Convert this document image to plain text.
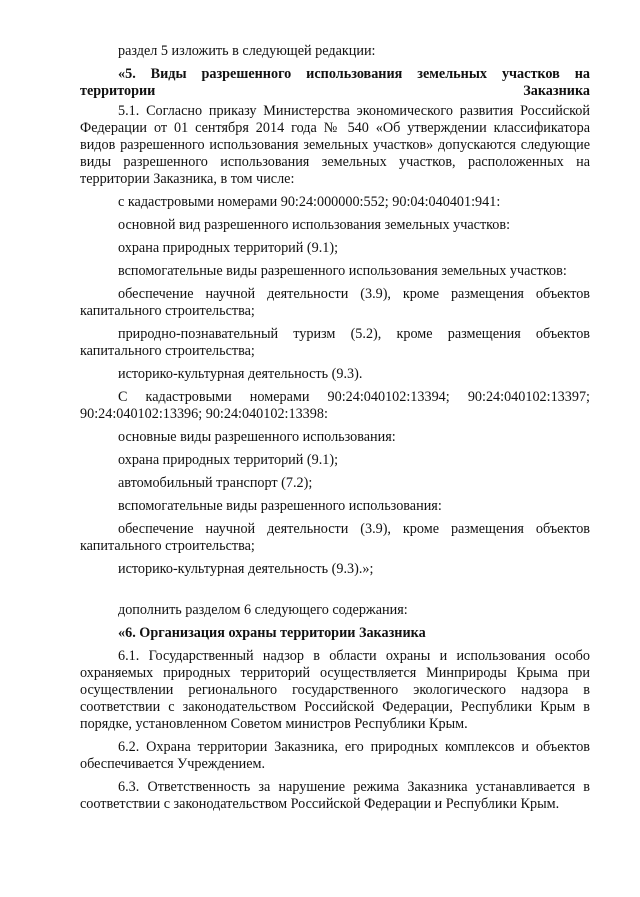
раздел 5 изложить в следующей редакции:

«5. Виды разрешенного использования земельных участков на территории Заказника

5.1. Согласно приказу Министерства экономического развития Российской Федерации от 01 сентября 2014 года № 540 «Об утверждении классификатора видов разрешенного использования земельных участков» допускаются следующие виды разрешенного использования земельных участков, расположенных на территории Заказника, в том числе:

с кадастровыми номерами 90:24:000000:552; 90:04:040401:941:

основной вид разрешенного использования земельных участков:

охрана природных территорий (9.1);

вспомогательные виды разрешенного использования земельных участков:

обеспечение научной деятельности (3.9), кроме размещения объектов капитального строительства;

природно-познавательный туризм (5.2), кроме размещения объектов капитального строительства;

историко-культурная деятельность (9.3).

С кадастровыми номерами 90:24:040102:13394; 90:24:040102:13397; 90:24:040102:13396; 90:24:040102:13398:

основные виды разрешенного использования:

охрана природных территорий (9.1);

автомобильный транспорт (7.2);

вспомогательные виды разрешенного использования:

обеспечение научной деятельности (3.9), кроме размещения объектов капитального строительства;

историко-культурная деятельность (9.3).»;

дополнить разделом 6 следующего содержания:

«6. Организация охраны территории Заказника

6.1. Государственный надзор в области охраны и использования особо охраняемых природных территорий осуществляется Минприроды Крыма при осуществлении регионального государственного экологического надзора в соответствии с законодательством Российской Федерации, Республики Крым в порядке, установленном Советом министров Республики Крым.

6.2. Охрана территории Заказника, его природных комплексов и объектов обеспечивается Учреждением.

6.3. Ответственность за нарушение режима Заказника устанавливается в соответствии с законодательством Российской Федерации и Республики Крым.
